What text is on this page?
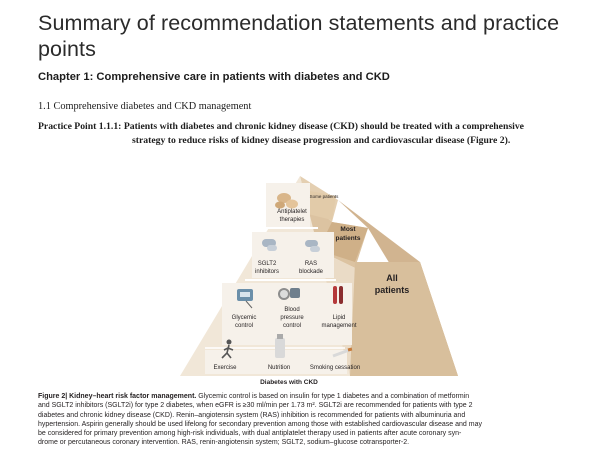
Summary of recommendation statements and practice
points
Chapter 1: Comprehensive care in patients with diabetes and CKD
1.1 Comprehensive diabetes and CKD management
Practice Point 1.1.1: Patients with diabetes and chronic kidney disease (CKD) should be treated with a comprehensive
strategy to reduce risks of kidney disease progression and cardiovascular disease (Figure 2).
Some patients
Antiplatelet
therapies
Most
patients
SGLT2
inhibitors
RAS
blockade
All
patients
Glycemic
control
Blood
pressure
control
Lipid
management
Exercise	Nutrition	Smoking cessation
Diabetes with CKD
Figure 2| Kidney–heart risk factor management. Glycemic control is based on insulin for type 1 diabetes and a combination of metformin
and SGLT2 inhibitors (SGLT2i) for type 2 diabetes, when eGFR is ≥30 ml/min per 1.73 m². SGLT2i are recommended for patients with type 2
diabetes and chronic kidney disease (CKD). Renin–angiotensin system (RAS) inhibition is recommended for patients with albuminuria and
hypertension. Aspirin generally should be used lifelong for secondary prevention among those with established cardiovascular disease and may
be considered for primary prevention among high-risk individuals, with dual antiplatelet therapy used in patients after acute coronary syn-
drome or percutaneous coronary intervention. RAS, renin-angiotensin system; SGLT2, sodium–glucose cotransporter-2.
